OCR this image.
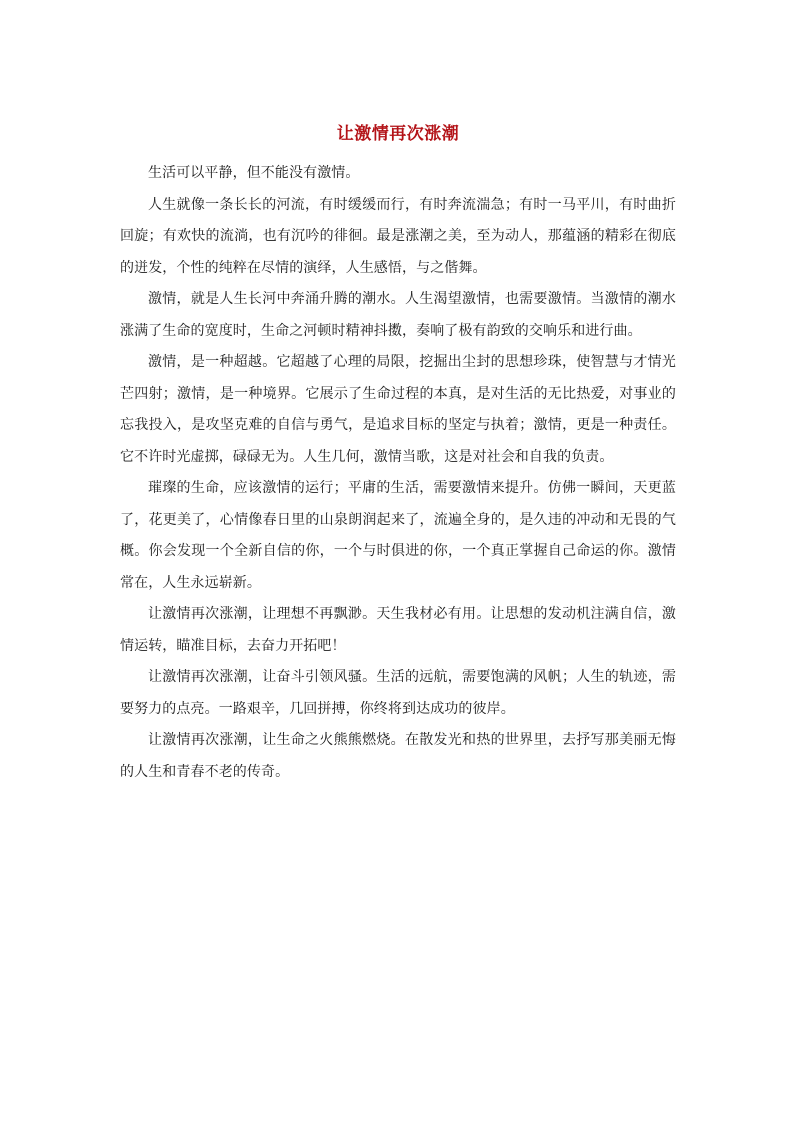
让激情再次涨潮

生活可以平静，但不能没有激情。

人生就像一条长长的河流，有时缓缓而行，有时奔流湍急；有时一马平川，有时曲折回旋；有欢快的流淌，也有沉吟的徘徊。最是涨潮之美，至为动人，那蕴涵的精彩在彻底的迸发，个性的纯粹在尽情的演绎，人生感悟，与之偕舞。

激情，就是人生长河中奔涌升腾的潮水。人生渴望激情，也需要激情。当激情的潮水涨满了生命的宽度时，生命之河顿时精神抖擞，奏响了极有韵致的交响乐和进行曲。

激情，是一种超越。它超越了心理的局限，挖掘出尘封的思想珍珠，使智慧与才情光芒四射；激情，是一种境界。它展示了生命过程的本真，是对生活的无比热爱，对事业的忘我投入，是攻坚克难的自信与勇气，是追求目标的坚定与执着；激情，更是一种责任。它不许时光虚掷，碌碌无为。人生几何，激情当歌，这是对社会和自我的负责。

璀璨的生命，应该激情的运行；平庸的生活，需要激情来提升。仿佛一瞬间，天更蓝了，花更美了，心情像春日里的山泉朗润起来了，流遍全身的，是久违的冲动和无畏的气概。你会发现一个全新自信的你，一个与时俱进的你，一个真正掌握自己命运的你。激情常在，人生永远崭新。

让激情再次涨潮，让理想不再飘渺。天生我材必有用。让思想的发动机注满自信，激情运转，瞄准目标，去奋力开拓吧！

让激情再次涨潮，让奋斗引领风骚。生活的远航，需要饱满的风帆；人生的轨迹，需要努力的点亮。一路艰辛，几回拼搏，你终将到达成功的彼岸。

让激情再次涨潮，让生命之火熊熊燃烧。在散发光和热的世界里，去抒写那美丽无悔的人生和青春不老的传奇。
